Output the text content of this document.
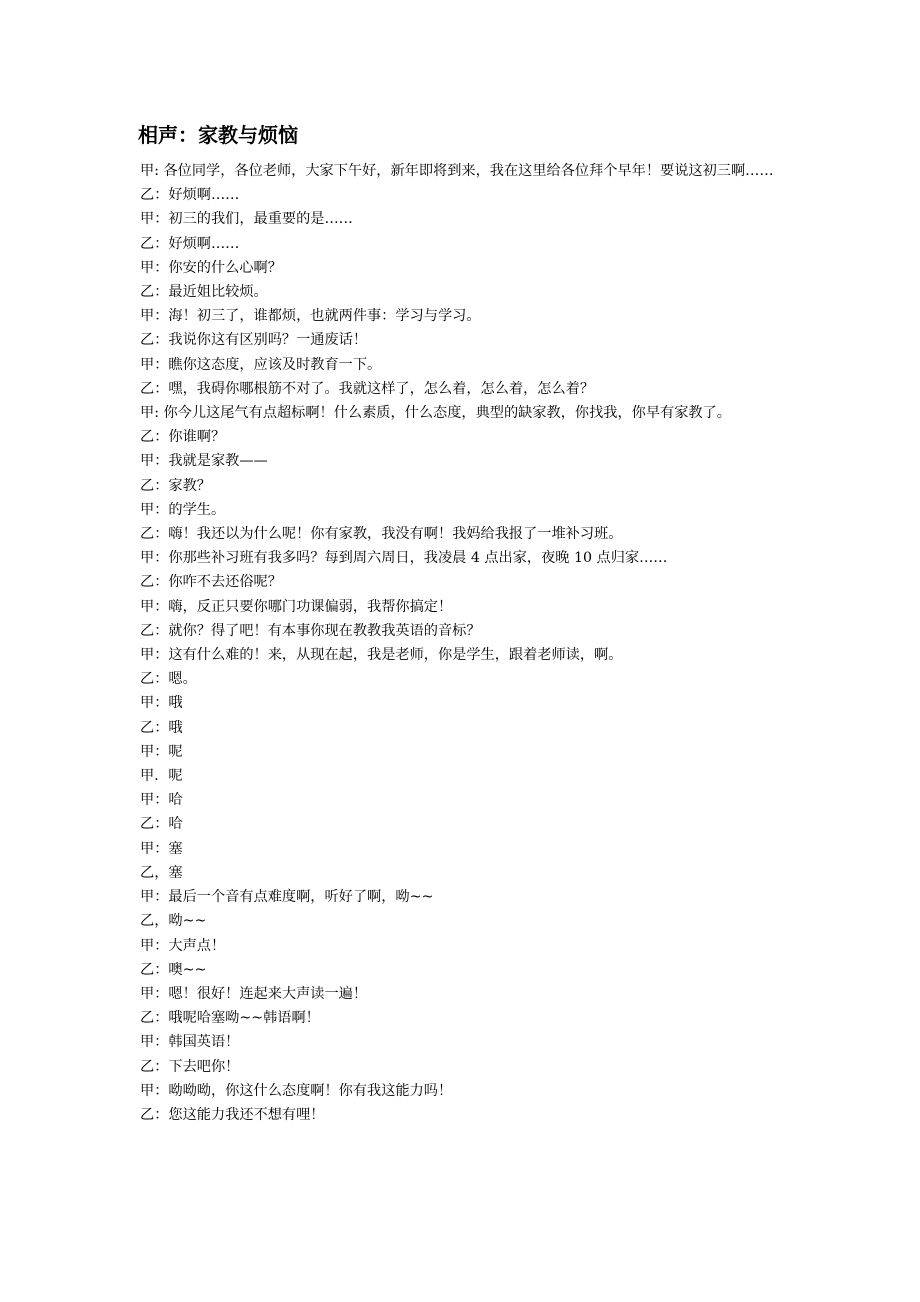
相声：家教与烦恼
甲: 各位同学，各位老师，大家下午好，新年即将到来，我在这里给各位拜个早年！要说这初三啊……
乙：好烦啊……
甲：初三的我们，最重要的是……
乙：好烦啊……
甲：你安的什么心啊？
乙：最近姐比较烦。
甲：海！初三了，谁都烦，也就两件事：学习与学习。
乙：我说你这有区别吗？一通废话！
甲：瞧你这态度，应该及时教育一下。
乙：嘿，我碍你哪根筋不对了。我就这样了，怎么着，怎么着，怎么着？
甲: 你今儿这尾气有点超标啊！什么素质，什么态度，典型的缺家教，你找我，你早有家教了。
乙：你谁啊？
甲：我就是家教——
乙：家教？
甲：的学生。
乙：嗨！我还以为什么呢！你有家教，我没有啊！我妈给我报了一堆补习班。
甲：你那些补习班有我多吗？每到周六周日，我凌晨 4 点出家，夜晚 10 点归家……
乙：你咋不去还俗呢？
甲：嗨，反正只要你哪门功课偏弱，我帮你搞定！
乙：就你？得了吧！有本事你现在教教我英语的音标？
甲：这有什么难的！来，从现在起，我是老师，你是学生，跟着老师读，啊。
乙：嗯。
甲：哦
乙：哦
甲：呢
甲．呢
甲：哈
乙：哈
甲：塞
乙，塞
甲：最后一个音有点难度啊，听好了啊，呦~~
乙，呦~~
甲：大声点！
乙：噢~~
甲：嗯！很好！连起来大声读一遍！
乙：哦呢哈塞呦~~韩语啊！
甲：韩国英语！
乙：下去吧你！
甲：呦呦呦，你这什么态度啊！你有我这能力吗！
乙：您这能力我还不想有哩！
